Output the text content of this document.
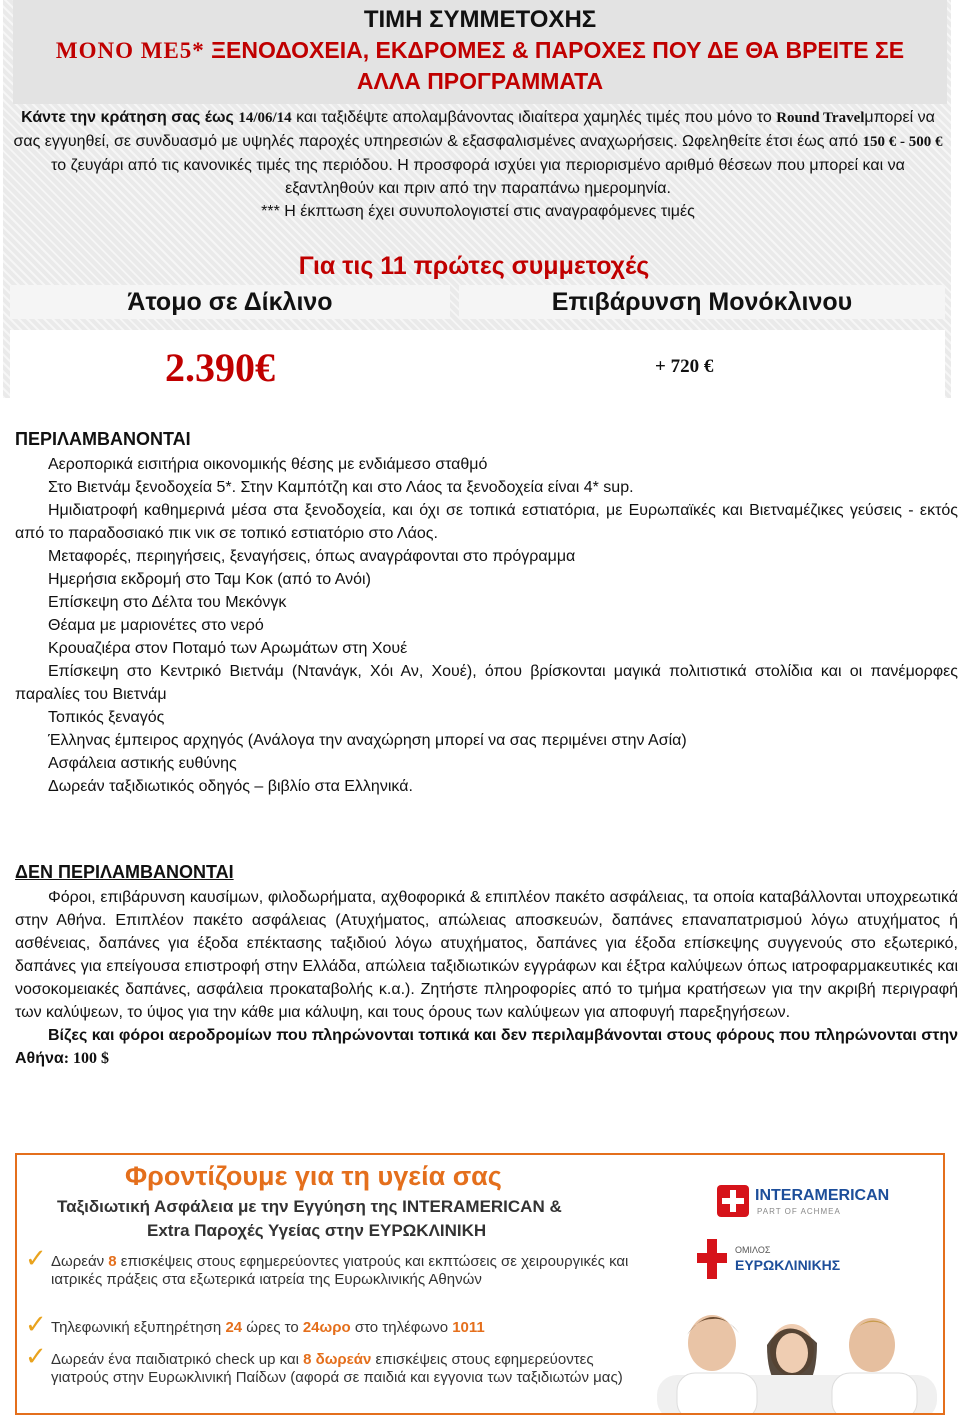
ΤΙΜΗ ΣΥΜΜΕΤΟΧΗΣ
ΜΟΝΟ ΜΕ5* ΞΕΝΟΔΟΧΕΙΑ, ΕΚΔΡΟΜΕΣ & ΠΑΡΟΧΕΣ ΠΟΥ ΔΕ ΘΑ ΒΡΕΙΤΕ ΣΕ
ΑΛΛΑ ΠΡΟΓΡΑΜΜΑΤΑ
Κάντε την κράτηση σας έως 14/06/14 και ταξιδέψτε απολαμβάνοντας ιδιαίτερα χαμηλές τιμές που μόνο το Round Travelμπορεί να σας εγγυηθεί, σε συνδυασμό με υψηλές παροχές υπηρεσιών & εξασφαλισμένες αναχωρήσεις. Ωφεληθείτε έτσι έως από 150 € - 500 € το ζευγάρι από τις κανονικές τιμές της περιόδου. Η προσφορά ισχύει για περιορισμένο αριθμό θέσεων που μπορεί και να εξαντληθούν και πριν από την παραπάνω ημερομηνία.
*** Η έκπτωση έχει συνυπολογιστεί στις αναγραφόμενες τιμές
Για τις 11 πρώτες συμμετοχές
Άτομο σε Δίκλινο	Επιβάρυνση Μονόκλινου
2.390€	+ 720 €
ΠΕΡΙΛΑΜΒΑΝΟΝΤΑΙ
Αεροπορικά εισιτήρια οικονομικής θέσης με ενδιάμεσο σταθμό
Στο Βιετνάμ ξενοδοχεία 5*. Στην Καμπότζη και στο Λάος τα ξενοδοχεία είναι 4* sup.
Ημιδιατροφή καθημερινά μέσα στα ξενοδοχεία, και όχι σε τοπικά εστιατόρια, με Ευρωπαϊκές και Βιετναμέζικες γεύσεις - εκτός από το παραδοσιακό πικ νικ σε τοπικό εστιατόριο στο Λάος.
Μεταφορές, περιηγήσεις, ξεναγήσεις, όπως αναγράφονται στο πρόγραμμα
Ημερήσια εκδρομή στο Ταμ Κοκ (από το Ανόι)
Επίσκεψη στο Δέλτα του Μεκόνγκ
Θέαμα με μαριονέτες στο νερό
Κρουαζιέρα στον Ποταμό των Αρωμάτων στη Χουέ
Επίσκεψη στο Κεντρικό Βιετνάμ (Ντανάγκ, Χόι Αν, Χουέ), όπου βρίσκονται μαγικά πολιτιστικά στολίδια και οι πανέμορφες παραλίες του Βιετνάμ
Τοπικός ξεναγός
Έλληνας έμπειρος αρχηγός (Ανάλογα την αναχώρηση μπορεί να σας περιμένει στην Ασία)
Ασφάλεια αστικής ευθύνης
Δωρεάν ταξιδιωτικός οδηγός – βιβλίο στα Ελληνικά.
ΔΕΝ ΠΕΡΙΛΑΜΒΑΝΟΝΤΑΙ
Φόροι, επιβάρυνση καυσίμων, φιλοδωρήματα, αχθοφορικά & επιπλέον πακέτο ασφάλειας, τα οποία καταβάλλονται υποχρεωτικά στην Αθήνα. Επιπλέον πακέτο ασφάλειας (Ατυχήματος, απώλειας αποσκευών, δαπάνες επαναπατρισμού λόγω ατυχήματος ή ασθένειας, δαπάνες για έξοδα επέκτασης ταξιδιού λόγω ατυχήματος, δαπάνες για έξοδα επίσκεψης συγγενούς στο εξωτερικό, δαπάνες για επείγουσα επιστροφή στην Ελλάδα, απώλεια ταξιδιωτικών εγγράφων και έξτρα καλύψεων όπως ιατροφαρμακευτικές και νοσοκομειακές δαπάνες, ασφάλεια προκαταβολής κ.α.). Ζητήστε πληροφορίες από το τμήμα κρατήσεων για την ακριβή περιγραφή των καλύψεων, το ύψος για την κάθε μια κάλυψη, και τους όρους των καλύψεων για αποφυγή παρεξηγήσεων.
Βίζες και φόροι αεροδρομίων που πληρώνονται τοπικά και δεν περιλαμβάνονται στους φόρους που πληρώνονται στην Αθήνα: 100 $
Φροντίζουμε για τη υγεία σας
Ταξιδιωτική Ασφάλεια με την Εγγύηση της INTERAMERICAN &
Extra Παροχές Υγείας στην ΕΥΡΩΚΛΙΝΙΚΗ
✓ Δωρεάν 8 επισκέψεις στους εφημερεύοντες γιατρούς και εκπτώσεις σε χειρουργικές και ιατρικές πράξεις στα εξωτερικά ιατρεία της Ευρωκλινικής Αθηνών
✓ Τηλεφωνική εξυπηρέτηση 24 ώρες το 24ωρο στο τηλέφωνο 1011
✓ Δωρεάν ένα παιδιατρικό check up και 8 δωρεάν επισκέψεις στους εφημερεύοντες γιατρούς στην Ευρωκλινική Παίδων (αφορά σε παιδιά και εγγονια των ταξιδιωτών μας)
INTERAMERICAN
PART OF ACHMEA
ΟΜΙΛΟΣ
ΕΥΡΩΚΛΙΝΙΚΗΣ
